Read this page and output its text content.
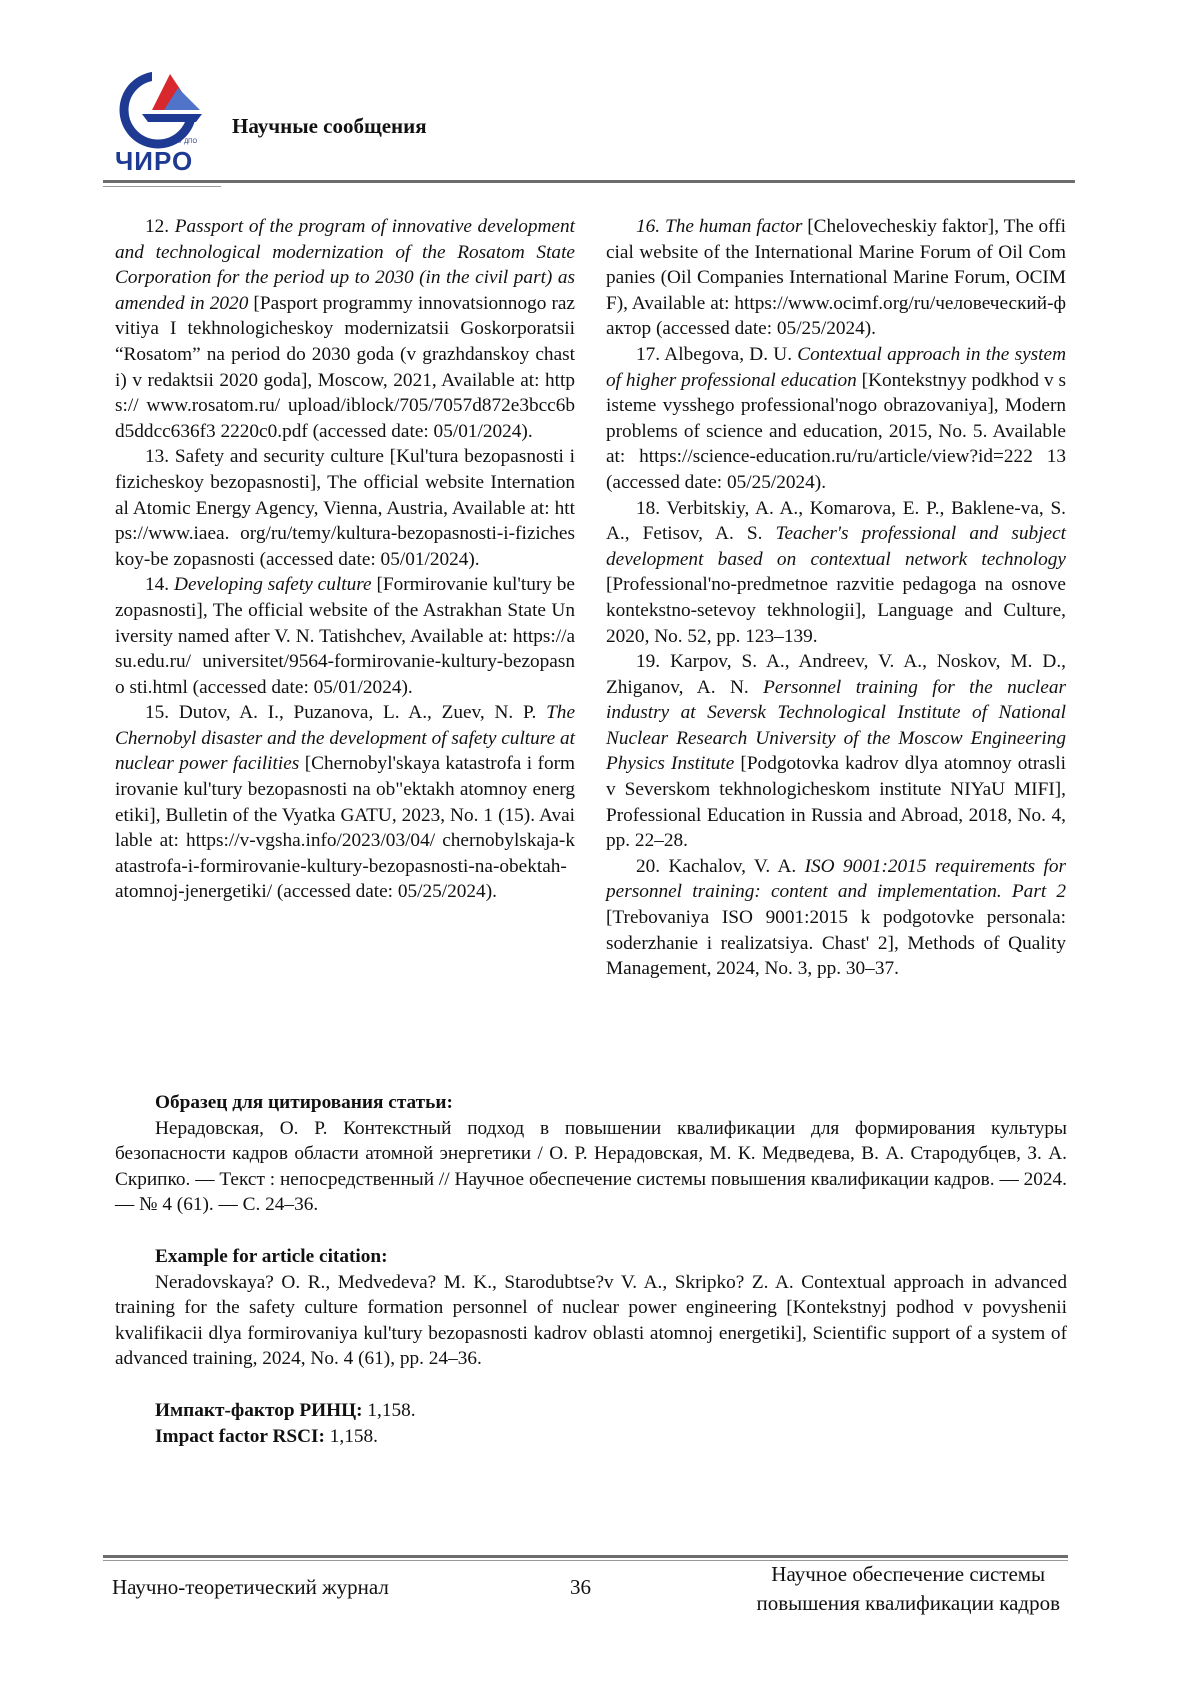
ГАУ ДПО
ЧИРО
Научные сообщения

12. Passport of the program of innovative development and technological modernization of the Rosatom State Corporation for the period up to 2030 (in the civil part) as amended in 2020 [Pasport programmy innovatsionnogo razvitiya I tekhnologicheskoy modernizatsii Goskorporatsii “Rosatom” na period do 2030 goda (v grazhdanskoy chasti) v redaktsii 2020 goda], Moscow, 2021, Available at: https:// www.rosatom.ru/ upload/iblock/705/7057d872e3bcc6bd5ddcc636f3 2220c0.pdf (accessed date: 05/01/2024).

13. Safety and security culture [Kul'tura bezopasnosti i fizicheskoy bezopasnosti], The official website International Atomic Energy Agency, Vienna, Austria, Available at: https://www.iaea. org/ru/temy/kultura-bezopasnosti-i-fizicheskoy-be zopasnosti (accessed date: 05/01/2024).

14. Developing safety culture [Formirovanie kul'tury bezopasnosti], The official website of the Astrakhan State University named after V. N. Tatishchev, Available at: https://asu.edu.ru/ universitet/9564-formirovanie-kultury-bezopasno sti.html (accessed date: 05/01/2024).

15. Dutov, A. I., Puzanova, L. A., Zuev, N. P. The Chernobyl disaster and the development of safety culture at nuclear power facilities [Chernobyl'skaya katastrofa i formirovanie kul'tury bezopasnosti na ob"ektakh atomnoy energetiki], Bulletin of the Vyatka GATU, 2023, No. 1 (15). Available at: https://v-vgsha.info/2023/03/04/ chernobylskaja-katastrofa-i-formirovanie-kultury-bezopasnosti-na-obektah-atomnoj-jenergetiki/ (accessed date: 05/25/2024).

16. The human factor [Chelovecheskiy faktor], The official website of the International Marine Forum of Oil Companies (Oil Companies International Marine Forum, OCIMF), Available at: https://www.ocimf.org/ru/человеческий-фактор (accessed date: 05/25/2024).

17. Albegova, D. U. Contextual approach in the system of higher professional education [Kontekstnyy podkhod v sisteme vysshego professional'nogo obrazovaniya], Modern problems of science and education, 2015, No. 5. Available at: https://science-education.ru/ru/article/view?id=222 13 (accessed date: 05/25/2024).

18. Verbitskiy, A. A., Komarova, E. P., Baklene-va, S. A., Fetisov, A. S. Teacher's professional and subject development based on contextual network technology [Professional'no-predmetnoe razvitie pedagoga na osnove kontekstno-setevoy tekhnologii], Language and Culture, 2020, No. 52, pp. 123–139.

19. Karpov, S. A., Andreev, V. A., Noskov, M. D., Zhiganov, A. N. Personnel training for the nuclear industry at Seversk Technological Institute of National Nuclear Research University of the Moscow Engineering Physics Institute [Podgotovka kadrov dlya atomnoy otrasli v Severskom tekhnologicheskom institute NIYaU MIFI], Professional Education in Russia and Abroad, 2018, No. 4, pp. 22–28.

20. Kachalov, V. A. ISO 9001:2015 requirements for personnel training: content and implementation. Part 2 [Trebovaniya ISO 9001:2015 k podgotovke personala: soderzhanie i realizatsiya. Chast' 2], Methods of Quality Management, 2024, No. 3, pp. 30–37.

Образец для цитирования статьи:

Нерадовская, О. Р. Контекстный подход в повышении квалификации для формирования культуры безопасности кадров области атомной энергетики / О. Р. Нерадовская, М. К. Медведева, В. А. Стародубцев, З. А. Скрипко. — Текст : непосредственный // Научное обеспечение системы повышения квалификации кадров. — 2024. — № 4 (61). — С. 24–36.

Example for article citation:

Neradovskaya? O. R., Medvedeva? M. K., Starodubtse?v V. A., Skripko? Z. A. Contextual approach in advanced training for the safety culture formation personnel of nuclear power engineering [Kontekstnyj podhod v povyshenii kvalifikacii dlya formirovaniya kul'tury bezopasnosti kadrov oblasti atomnoj energetiki], Scientific support of a system of advanced training, 2024, No. 4 (61), pp. 24–36.

Импакт-фактор РИНЦ: 1,158.
Impact factor RSCI: 1,158.
Научно-теоретический журнал	36
Научное обеспечение системы
повышения квалификации кадров
